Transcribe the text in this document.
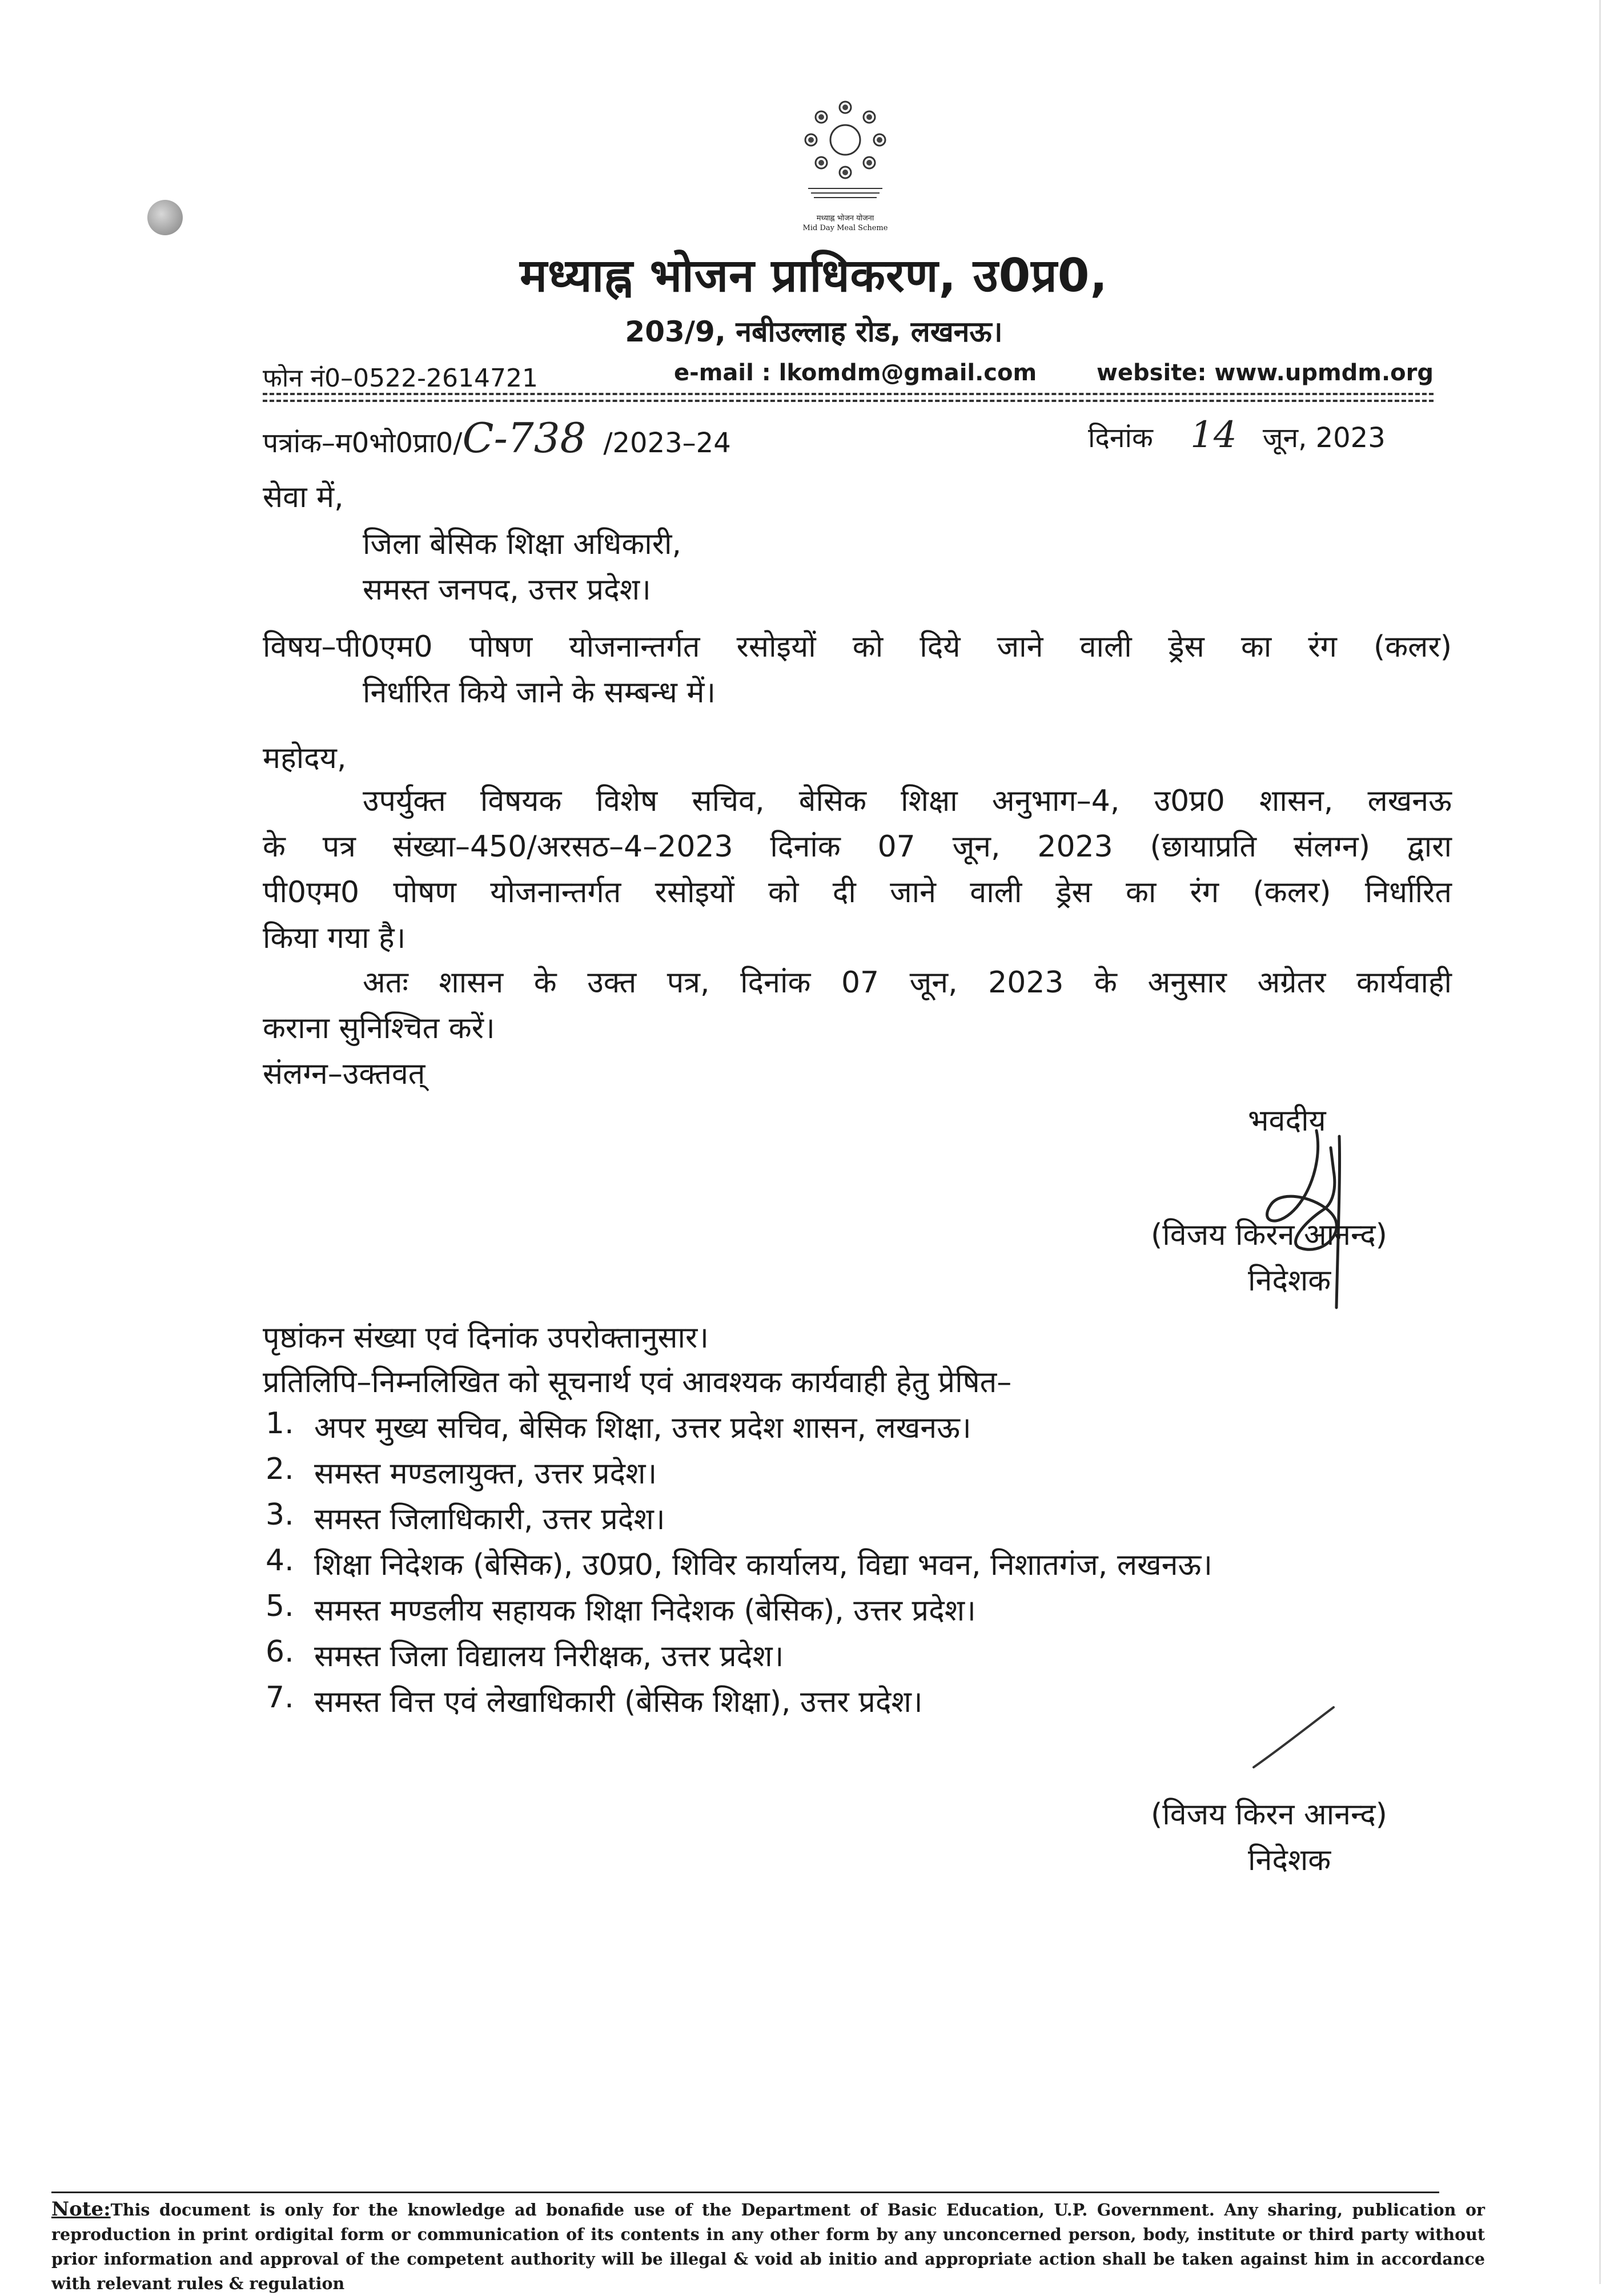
मध्याह्न भोजन योजना
Mid Day Meal Scheme
मध्याह्न भोजन प्राधिकरण, उ0प्र0,
203/9, नबीउल्लाह रोड, लखनऊ।
फोन नं0–0522-2614721	e-mail : lkomdm@gmail.com	website: www.upmdm.org
पत्रांक–म0भो0प्रा0/C-738 /2023–24	दिनांक 14 जून, 2023
सेवा में,
जिला बेसिक शिक्षा अधिकारी,
समस्त जनपद, उत्तर प्रदेश।
विषय–पी0एम0 पोषण योजनान्तर्गत रसोइयों को दिये जाने वाली ड्रेस का रंग (कलर)
निर्धारित किये जाने के सम्बन्ध में।
महोदय,
उपर्युक्त विषयक विशेष सचिव, बेसिक शिक्षा अनुभाग–4, उ0प्र0 शासन, लखनऊ
के पत्र संख्या–450/अरसठ–4–2023 दिनांक 07 जून, 2023 (छायाप्रति संलग्न) द्वारा
पी0एम0 पोषण योजनान्तर्गत रसोइयों को दी जाने वाली ड्रेस का रंग (कलर) निर्धारित
किया गया है।
अतः शासन के उक्त पत्र, दिनांक 07 जून, 2023 के अनुसार अग्रेतर कार्यवाही
कराना सुनिश्चित करें।
संलग्न–उक्तवत्
भवदीय
(विजय किरन आनन्द)
निदेशक
पृष्ठांकन संख्या एवं दिनांक उपरोक्तानुसार।
प्रतिलिपि–निम्नलिखित को सूचनार्थ एवं आवश्यक कार्यवाही हेतु प्रेषित–
1. अपर मुख्य सचिव, बेसिक शिक्षा, उत्तर प्रदेश शासन, लखनऊ।
2. समस्त मण्डलायुक्त, उत्तर प्रदेश।
3. समस्त जिलाधिकारी, उत्तर प्रदेश।
4. शिक्षा निदेशक (बेसिक), उ0प्र0, शिविर कार्यालय, विद्या भवन, निशातगंज, लखनऊ।
5. समस्त मण्डलीय सहायक शिक्षा निदेशक (बेसिक), उत्तर प्रदेश।
6. समस्त जिला विद्यालय निरीक्षक, उत्तर प्रदेश।
7. समस्त वित्त एवं लेखाधिकारी (बेसिक शिक्षा), उत्तर प्रदेश।
(विजय किरन आनन्द)
निदेशक
Note:This document is only for the knowledge ad bonafide use of the Department of Basic Education, U.P. Government. Any sharing, publication or reproduction in print ordigital form or communication of its contents in any other form by any unconcerned person, body, institute or third party without prior information and approval of the competent authority will be illegal & void ab initio and appropriate action shall be taken against him in accordance with relevant rules & regulation
